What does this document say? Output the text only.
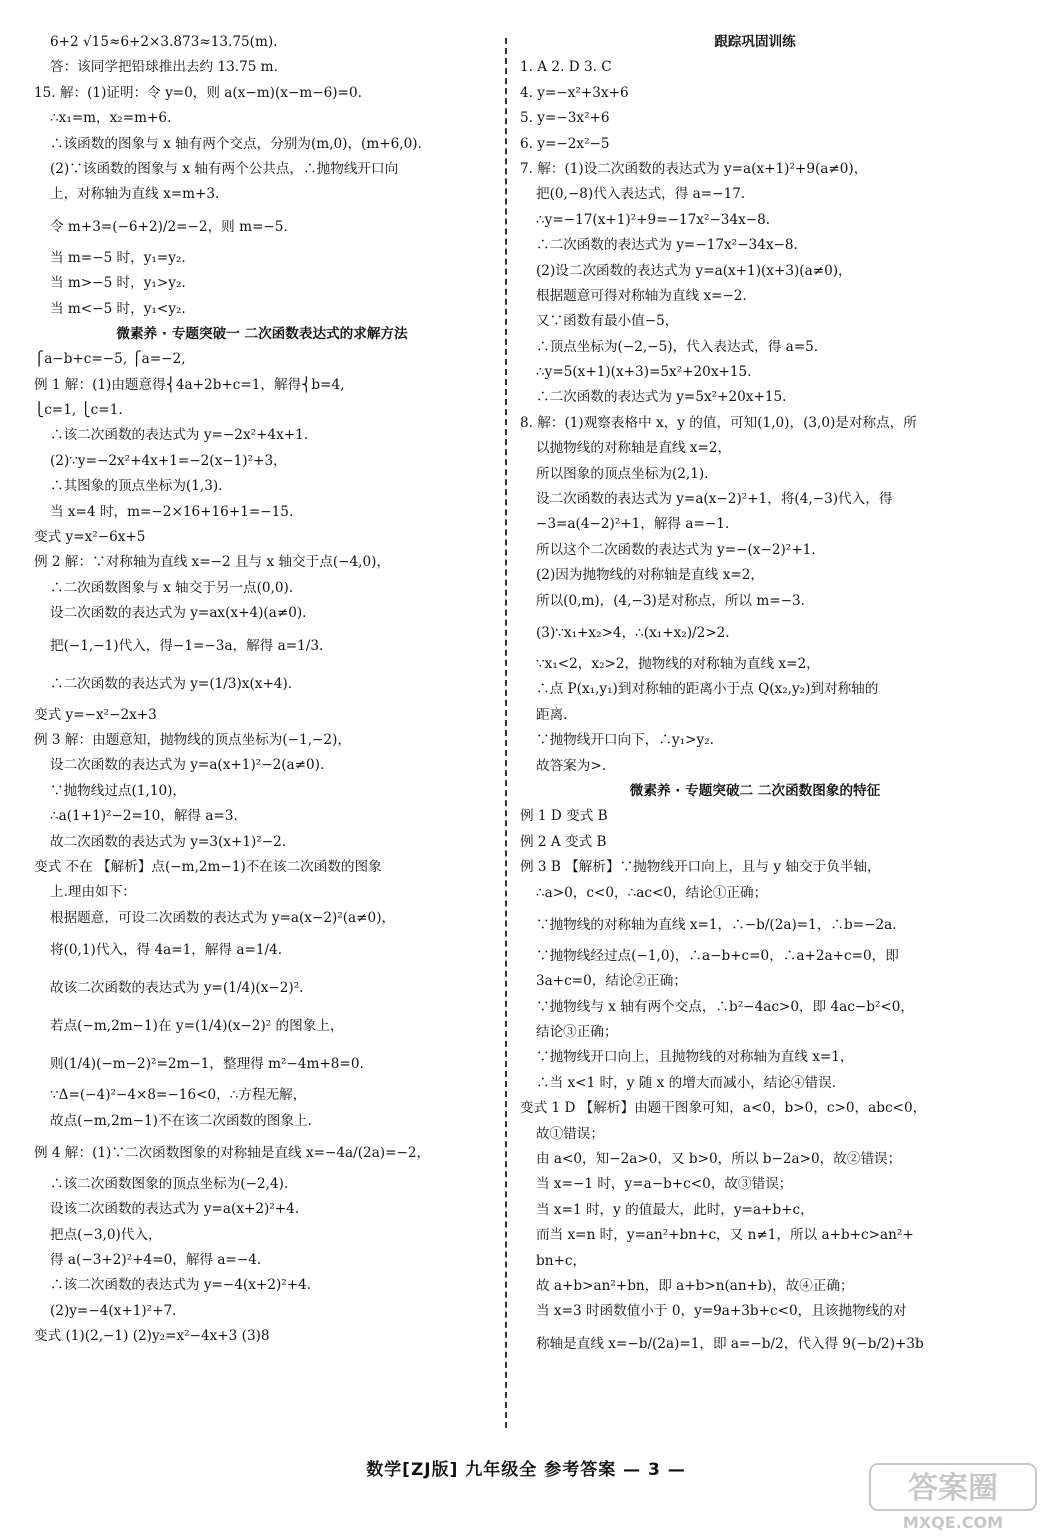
6+2 √15≈6+2×3.873≈13.75(m).
答：该同学把铅球推出去约 13.75 m.
15. 解：(1)证明：令 y=0，则 a(x−m)(x−m−6)=0.
∴x₁=m，x₂=m+6.
∴该函数的图象与 x 轴有两个交点，分别为(m,0)，(m+6,0).
(2)∵该函数的图象与 x 轴有两个公共点，∴抛物线开口向
上，对称轴为直线 x=m+3.
令 m+3=(−6+2)/2=−2，则 m=−5.
当 m=−5 时，y₁=y₂.
当 m>−5 时，y₁>y₂.
当 m<−5 时，y₁<y₂.
微素养 · 专题突破一 二次函数表达式的求解方法
⎧a−b+c=−5, ⎧a=−2,
例 1 解：(1)由题意得⎨4a+2b+c=1，解得⎨b=4,
⎩c=1, ⎩c=1.
∴该二次函数的表达式为 y=−2x²+4x+1.
(2)∵y=−2x²+4x+1=−2(x−1)²+3，
∴其图象的顶点坐标为(1,3).
当 x=4 时，m=−2×16+16+1=−15.
变式 y=x²−6x+5
例 2 解：∵对称轴为直线 x=−2 且与 x 轴交于点(−4,0)，
∴二次函数图象与 x 轴交于另一点(0,0).
设二次函数的表达式为 y=ax(x+4)(a≠0).
把(−1,−1)代入，得−1=−3a，解得 a=1/3.
∴二次函数的表达式为 y=(1/3)x(x+4).
变式 y=−x²−2x+3
例 3 解：由题意知，抛物线的顶点坐标为(−1,−2)，
设二次函数的表达式为 y=a(x+1)²−2(a≠0).
∵抛物线过点(1,10)，
∴a(1+1)²−2=10，解得 a=3.
故二次函数的表达式为 y=3(x+1)²−2.
变式 不在 【解析】点(−m,2m−1)不在该二次函数的图象
上.理由如下：
根据题意，可设二次函数的表达式为 y=a(x−2)²(a≠0)，
将(0,1)代入，得 4a=1，解得 a=1/4.
故该二次函数的表达式为 y=(1/4)(x−2)².
若点(−m,2m−1)在 y=(1/4)(x−2)² 的图象上，
则(1/4)(−m−2)²=2m−1，整理得 m²−4m+8=0.
∵Δ=(−4)²−4×8=−16<0，∴方程无解，
故点(−m,2m−1)不在该二次函数的图象上.
例 4 解：(1)∵二次函数图象的对称轴是直线 x=−4a/(2a)=−2，
∴该二次函数图象的顶点坐标为(−2,4).
设该二次函数的表达式为 y=a(x+2)²+4.
把点(−3,0)代入，
得 a(−3+2)²+4=0，解得 a=−4.
∴该二次函数的表达式为 y=−4(x+2)²+4.
(2)y=−4(x+1)²+7.
变式 (1)(2,−1) (2)y₂=x²−4x+3 (3)8
跟踪巩固训练
1. A 2. D 3. C
4. y=−x²+3x+6
5. y=−3x²+6
6. y=−2x²−5
7. 解：(1)设二次函数的表达式为 y=a(x+1)²+9(a≠0)，
把(0,−8)代入表达式，得 a=−17.
∴y=−17(x+1)²+9=−17x²−34x−8.
∴二次函数的表达式为 y=−17x²−34x−8.
(2)设二次函数的表达式为 y=a(x+1)(x+3)(a≠0)，
根据题意可得对称轴为直线 x=−2.
又∵函数有最小值−5，
∴顶点坐标为(−2,−5)，代入表达式，得 a=5.
∴y=5(x+1)(x+3)=5x²+20x+15.
∴二次函数的表达式为 y=5x²+20x+15.
8. 解：(1)观察表格中 x，y 的值，可知(1,0)，(3,0)是对称点，所
以抛物线的对称轴是直线 x=2，
所以图象的顶点坐标为(2,1).
设二次函数的表达式为 y=a(x−2)²+1，将(4,−3)代入，得
−3=a(4−2)²+1，解得 a=−1.
所以这个二次函数的表达式为 y=−(x−2)²+1.
(2)因为抛物线的对称轴是直线 x=2，
所以(0,m)，(4,−3)是对称点，所以 m=−3.
(3)∵x₁+x₂>4，∴(x₁+x₂)/2>2.
∵x₁<2，x₂>2，抛物线的对称轴为直线 x=2，
∴点 P(x₁,y₁)到对称轴的距离小于点 Q(x₂,y₂)到对称轴的
距离.
∵抛物线开口向下，∴y₁>y₂.
故答案为>.
微素养 · 专题突破二 二次函数图象的特征
例 1 D 变式 B
例 2 A 变式 B
例 3 B 【解析】∵抛物线开口向上，且与 y 轴交于负半轴，
∴a>0，c<0，∴ac<0，结论①正确；
∵抛物线的对称轴为直线 x=1，∴−b/(2a)=1，∴b=−2a.
∵抛物线经过点(−1,0)，∴a−b+c=0，∴a+2a+c=0，即
3a+c=0，结论②正确；
∵抛物线与 x 轴有两个交点，∴b²−4ac>0，即 4ac−b²<0，
结论③正确；
∵抛物线开口向上，且抛物线的对称轴为直线 x=1，
∴当 x<1 时，y 随 x 的增大而减小，结论④错误.
变式 1 D 【解析】由题干图象可知，a<0，b>0，c>0，abc<0，
故①错误；
由 a<0，知−2a>0，又 b>0，所以 b−2a>0，故②错误；
当 x=−1 时，y=a−b+c<0，故③错误；
当 x=1 时，y 的值最大，此时，y=a+b+c，
而当 x=n 时，y=an²+bn+c，又 n≠1，所以 a+b+c>an²+
bn+c，
故 a+b>an²+bn，即 a+b>n(an+b)，故④正确；
当 x=3 时函数值小于 0，y=9a+3b+c<0，且该抛物线的对
称轴是直线 x=−b/(2a)=1，即 a=−b/2，代入得 9(−b/2)+3b
数学[ZJ版] 九年级全 参考答案 — 3 —
答案圈
MXQE.COM
